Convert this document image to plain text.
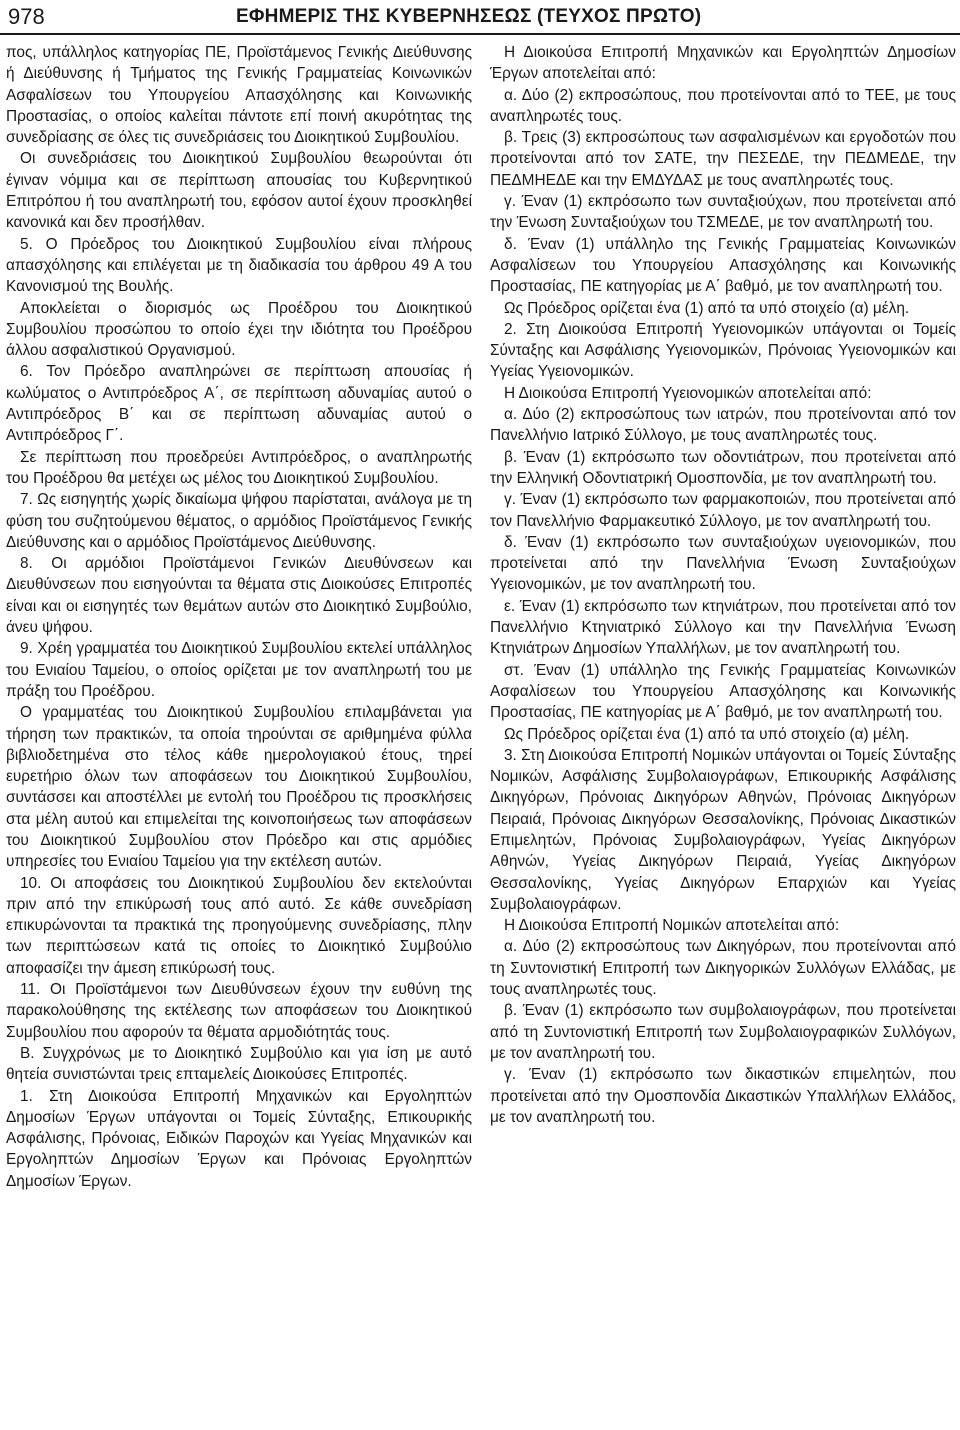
978	ΕΦΗΜΕΡΙΣ ΤΗΣ ΚΥΒΕΡΝΗΣΕΩΣ (ΤΕΥΧΟΣ ΠΡΩΤΟ)

πος, υπάλληλος κατηγορίας ΠΕ, Προϊστάμενος Γενικής Διεύθυνσης ή Διεύθυνσης ή Τμήματος της Γενικής Γραμματείας Κοινωνικών Ασφαλίσεων του Υπουργείου Απασχόλησης και Κοινωνικής Προστασίας, ο οποίος καλείται πάντοτε επί ποινή ακυρότητας της συνεδρίασης σε όλες τις συνεδριάσεις του Διοικητικού Συμβουλίου.

Οι συνεδριάσεις του Διοικητικού Συμβουλίου θεωρούνται ότι έγιναν νόμιμα και σε περίπτωση απουσίας του Κυβερνητικού Επιτρόπου ή του αναπληρωτή του, εφόσον αυτοί έχουν προσκληθεί κανονικά και δεν προσήλθαν.

5. Ο Πρόεδρος του Διοικητικού Συμβουλίου είναι πλήρους απασχόλησης και επιλέγεται με τη διαδικασία του άρθρου 49 Α του Κανονισμού της Βουλής.

Αποκλείεται ο διορισμός ως Προέδρου του Διοικητικού Συμβουλίου προσώπου το οποίο έχει την ιδιότητα του Προέδρου άλλου ασφαλιστικού Οργανισμού.

6. Τον Πρόεδρο αναπληρώνει σε περίπτωση απουσίας ή κωλύματος ο Αντιπρόεδρος Α΄, σε περίπτωση αδυναμίας αυτού ο Αντιπρόεδρος Β΄ και σε περίπτωση αδυναμίας αυτού ο Αντιπρόεδρος Γ΄.

Σε περίπτωση που προεδρεύει Αντιπρόεδρος, ο αναπληρωτής του Προέδρου θα μετέχει ως μέλος του Διοικητικού Συμβουλίου.

7. Ως εισηγητής χωρίς δικαίωμα ψήφου παρίσταται, ανάλογα με τη φύση του συζητούμενου θέματος, ο αρμόδιος Προϊστάμενος Γενικής Διεύθυνσης και ο αρμόδιος Προϊστάμενος Διεύθυνσης.

8. Οι αρμόδιοι Προϊστάμενοι Γενικών Διευθύνσεων και Διευθύνσεων που εισηγούνται τα θέματα στις Διοικούσες Επιτροπές είναι και οι εισηγητές των θεμάτων αυτών στο Διοικητικό Συμβούλιο, άνευ ψήφου.

9. Χρέη γραμματέα του Διοικητικού Συμβουλίου εκτελεί υπάλληλος του Ενιαίου Ταμείου, ο οποίος ορίζεται με τον αναπληρωτή του με πράξη του Προέδρου.

Ο γραμματέας του Διοικητικού Συμβουλίου επιλαμβάνεται για τήρηση των πρακτικών, τα οποία τηρούνται σε αριθμημένα φύλλα βιβλιοδετημένα στο τέλος κάθε ημερολογιακού έτους, τηρεί ευρετήριο όλων των αποφάσεων του Διοικητικού Συμβουλίου, συντάσσει και αποστέλλει με εντολή του Προέδρου τις προσκλήσεις στα μέλη αυτού και επιμελείται της κοινοποιήσεως των αποφάσεων του Διοικητικού Συμβουλίου στον Πρόεδρο και στις αρμόδιες υπηρεσίες του Ενιαίου Ταμείου για την εκτέλεση αυτών.

10. Οι αποφάσεις του Διοικητικού Συμβουλίου δεν εκτελούνται πριν από την επικύρωσή τους από αυτό. Σε κάθε συνεδρίαση επικυρώνονται τα πρακτικά της προηγούμενης συνεδρίασης, πλην των περιπτώσεων κατά τις οποίες το Διοικητικό Συμβούλιο αποφασίζει την άμεση επικύρωσή τους.

11. Οι Προϊστάμενοι των Διευθύνσεων έχουν την ευθύνη της παρακολούθησης της εκτέλεσης των αποφάσεων του Διοικητικού Συμβουλίου που αφορούν τα θέματα αρμοδιότητάς τους.

Β. Συγχρόνως με το Διοικητικό Συμβούλιο και για ίση με αυτό θητεία συνιστώνται τρεις επταμελείς Διοικούσες Επιτροπές.

1. Στη Διοικούσα Επιτροπή Μηχανικών και Εργοληπτών Δημοσίων Έργων υπάγονται οι Τομείς Σύνταξης, Επικουρικής Ασφάλισης, Πρόνοιας, Ειδικών Παροχών και Υγείας Μηχανικών και Εργοληπτών Δημοσίων Έργων και Πρόνοιας Εργοληπτών Δημοσίων Έργων.

Η Διοικούσα Επιτροπή Μηχανικών και Εργοληπτών Δημοσίων Έργων αποτελείται από:

α. Δύο (2) εκπροσώπους, που προτείνονται από το ΤΕΕ, με τους αναπληρωτές τους.

β. Τρεις (3) εκπροσώπους των ασφαλισμένων και εργοδοτών που προτείνονται από τον ΣΑΤΕ, την ΠΕΣΕΔΕ, την ΠΕΔΜΕΔΕ, την ΠΕΔΜΗΕΔΕ και την ΕΜΔΥΔΑΣ με τους αναπληρωτές τους.

γ. Έναν (1) εκπρόσωπο των συνταξιούχων, που προτείνεται από την Ένωση Συνταξιούχων του ΤΣΜΕΔΕ, με τον αναπληρωτή του.

δ. Έναν (1) υπάλληλο της Γενικής Γραμματείας Κοινωνικών Ασφαλίσεων του Υπουργείου Απασχόλησης και Κοινωνικής Προστασίας, ΠΕ κατηγορίας με Α΄ βαθμό, με τον αναπληρωτή του.

Ως Πρόεδρος ορίζεται ένα (1) από τα υπό στοιχείο (α) μέλη.

2. Στη Διοικούσα Επιτροπή Υγειονομικών υπάγονται οι Τομείς Σύνταξης και Ασφάλισης Υγειονομικών, Πρόνοιας Υγειονομικών και Υγείας Υγειονομικών.

Η Διοικούσα Επιτροπή Υγειονομικών αποτελείται από:

α. Δύο (2) εκπροσώπους των ιατρών, που προτείνονται από τον Πανελλήνιο Ιατρικό Σύλλογο, με τους αναπληρωτές τους.

β. Έναν (1) εκπρόσωπο των οδοντιάτρων, που προτείνεται από την Ελληνική Οδοντιατρική Ομοσπονδία, με τον αναπληρωτή του.

γ. Έναν (1) εκπρόσωπο των φαρμακοποιών, που προτείνεται από τον Πανελλήνιο Φαρμακευτικό Σύλλογο, με τον αναπληρωτή του.

δ. Έναν (1) εκπρόσωπο των συνταξιούχων υγειονομικών, που προτείνεται από την Πανελλήνια Ένωση Συνταξιούχων Υγειονομικών, με τον αναπληρωτή του.

ε. Έναν (1) εκπρόσωπο των κτηνιάτρων, που προτείνεται από τον Πανελλήνιο Κτηνιατρικό Σύλλογο και την Πανελλήνια Ένωση Κτηνιάτρων Δημοσίων Υπαλλήλων, με τον αναπληρωτή του.

στ. Έναν (1) υπάλληλο της Γενικής Γραμματείας Κοινωνικών Ασφαλίσεων του Υπουργείου Απασχόλησης και Κοινωνικής Προστασίας, ΠΕ κατηγορίας με Α΄ βαθμό, με τον αναπληρωτή του.

Ως Πρόεδρος ορίζεται ένα (1) από τα υπό στοιχείο (α) μέλη.

3. Στη Διοικούσα Επιτροπή Νομικών υπάγονται οι Τομείς Σύνταξης Νομικών, Ασφάλισης Συμβολαιογράφων, Επικουρικής Ασφάλισης Δικηγόρων, Πρόνοιας Δικηγόρων Αθηνών, Πρόνοιας Δικηγόρων Πειραιά, Πρόνοιας Δικηγόρων Θεσσαλονίκης, Πρόνοιας Δικαστικών Επιμελητών, Πρόνοιας Συμβολαιογράφων, Υγείας Δικηγόρων Αθηνών, Υγείας Δικηγόρων Πειραιά, Υγείας Δικηγόρων Θεσσαλονίκης, Υγείας Δικηγόρων Επαρχιών και Υγείας Συμβολαιογράφων.

Η Διοικούσα Επιτροπή Νομικών αποτελείται από:

α. Δύο (2) εκπροσώπους των Δικηγόρων, που προτείνονται από τη Συντονιστική Επιτροπή των Δικηγορικών Συλλόγων Ελλάδας, με τους αναπληρωτές τους.

β. Έναν (1) εκπρόσωπο των συμβολαιογράφων, που προτείνεται από τη Συντονιστική Επιτροπή των Συμβολαιογραφικών Συλλόγων, με τον αναπληρωτή του.

γ. Έναν (1) εκπρόσωπο των δικαστικών επιμελητών, που προτείνεται από την Ομοσπονδία Δικαστικών Υπαλλήλων Ελλάδος, με τον αναπληρωτή του.
